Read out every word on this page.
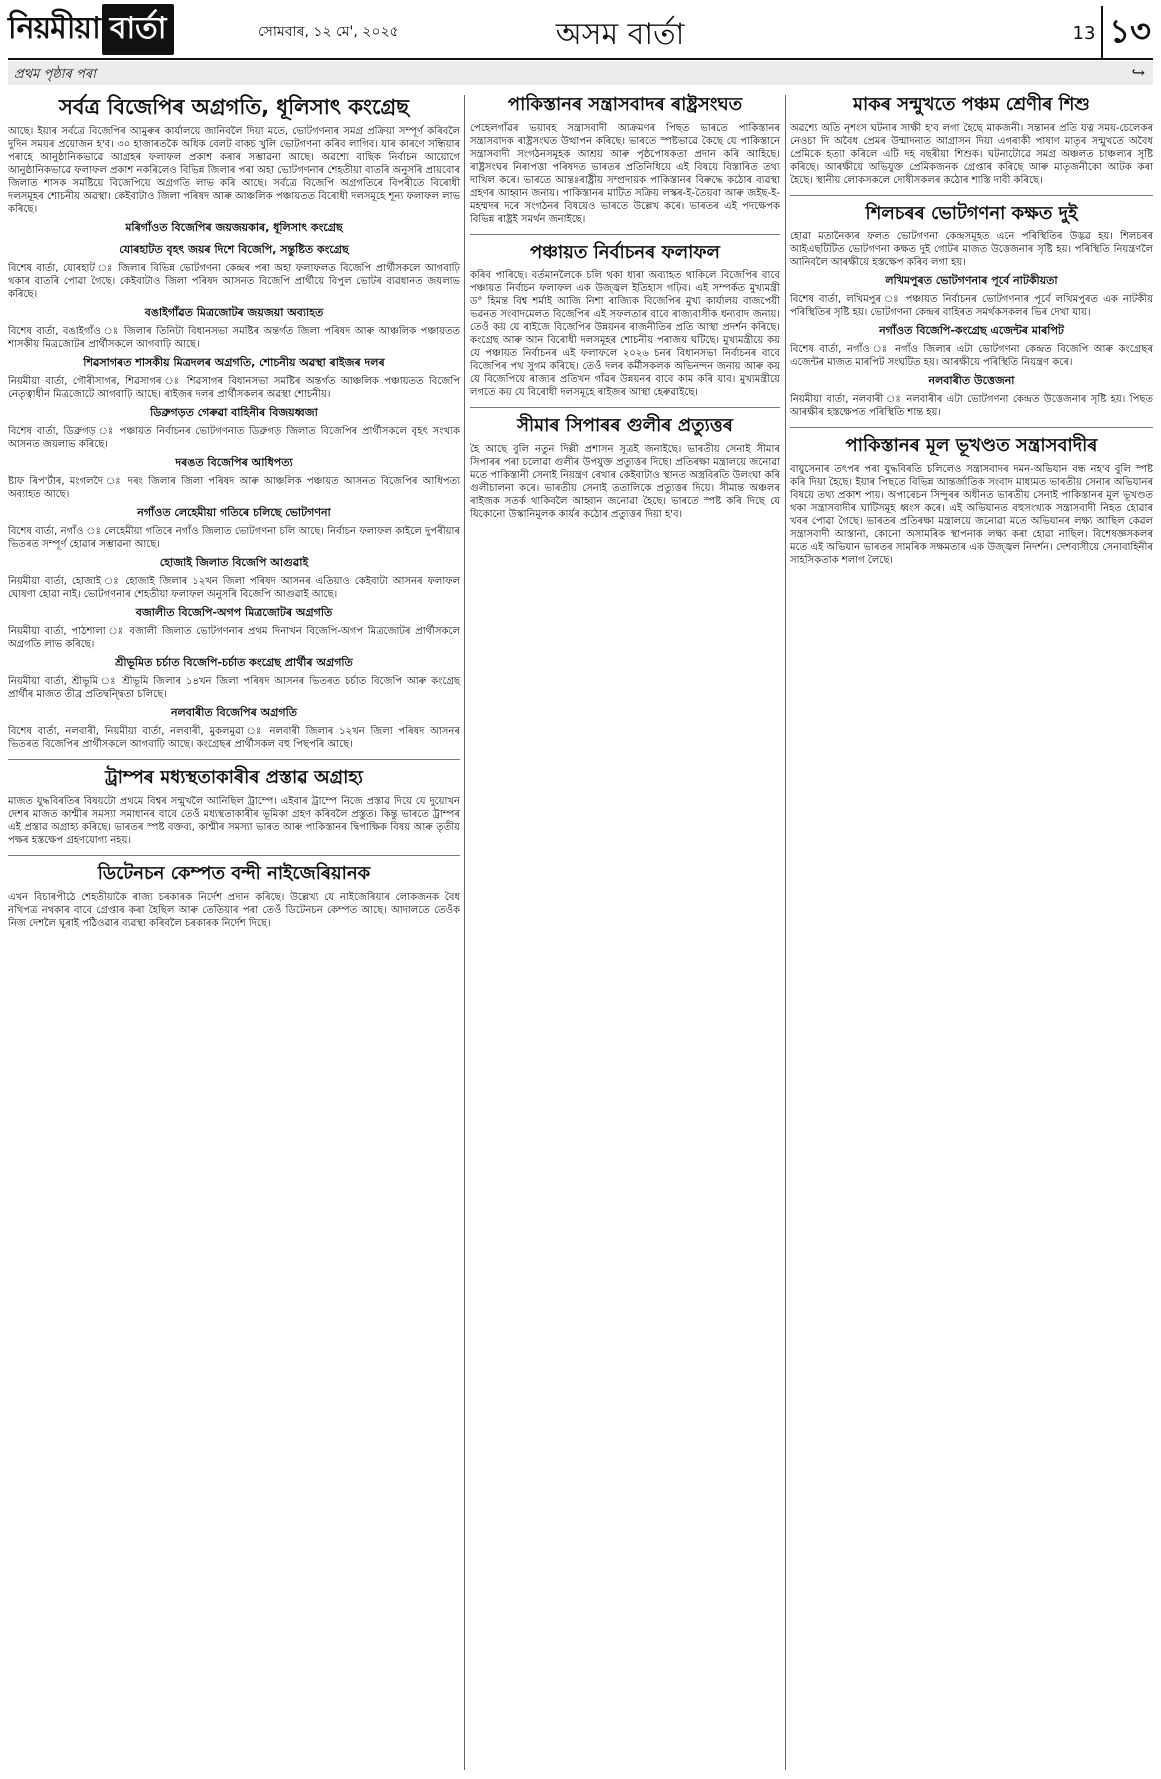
নিয়মীয়া বাৰ্তা	সোমবাৰ, ১২ মে', ২০২৫	অসম বাৰ্তা	13 ১৩
প্ৰথম পৃষ্ঠাৰ পৰা	↪
সৰ্বত্ৰ বিজেপিৰ অগ্ৰগতি, ধূলিসাৎ কংগ্ৰেছ

আছে। ইয়াৰ সৰ্বত্ৰে বিজেপিৰ আমুৰুৰ কাৰ্যালয়ে জানিবলৈ দিয়া মতে, ভোটগণনাৰ সমগ্ৰ প্ৰক্ৰিয়া সম্পূৰ্ণ কৰিবলৈ দুদিন সময়ৰ প্ৰয়োজন হ'ব। ৩০ হাজাৰতকৈ অধিক বেলট বাকচ খুলি ভোটগণনা কৰিব লাগিব। যাৰ কাৰণে সন্ধিয়াৰ পৰাহে আনুষ্ঠানিকভাৱে আগ্ৰহৰ ফলাফল প্ৰকাশ কৰাৰ সম্ভাৱনা আছে। অৱশ্যে বাছিক নিৰ্বাচন আয়োগে আনুষ্ঠানিকভাৱে ফলাফল প্ৰকাশ নকৰিলেও বিভিন্ন জিলাৰ পৰা অহা ভোটগণনাৰ শেহতীয়া বাতৰি অনুসৰি প্ৰায়বোৰ জিলাত শাসক সমষ্টিয়ে বিজেপিয়ে অগ্ৰগতি লাভ কৰি আছে। সৰ্বত্ৰে বিজেপি অগ্ৰগতিৰে বিপৰীতে বিৰোধী দলসমূহৰ শোচনীয় অৱস্থা। কেইবাটাও জিলা পৰিষদ আৰু আঞ্চলিক পঞ্চায়তত বিৰোধী দলসমূহে শূন্য ফলাফল লাভ কৰিছে।

মৰিগাঁওত বিজেপিৰ জয়জয়কাৰ, ধূলিসাৎ কংগ্ৰেছ
যোৰহাটত বৃহৎ জয়ৰ দিশে বিজেপি, সন্তুষ্টিত কংগ্ৰেছ

বিশেষ বাৰ্তা, যোৰহাট ঃ জিলাৰ বিভিন্ন ভোটগণনা কেন্দ্ৰৰ পৰা অহা ফলাফলত বিজেপি প্ৰাৰ্থীসকলে আগবাঢ়ি থকাৰ বাতৰি পোৱা গৈছে। কেইবাটাও জিলা পৰিষদ আসনত বিজেপি প্ৰাৰ্থীয়ে বিপুল ভোটৰ ব্যৱধানত জয়লাভ কৰিছে।

বঙাইগাঁৱত মিত্ৰজোটৰ জয়জয়া অব্যাহত

বিশেষ বাৰ্তা, বঙাইগাঁও ঃ জিলাৰ তিনিটা বিধানসভা সমষ্টিৰ অন্তৰ্গত জিলা পৰিষদ আৰু আঞ্চলিক পঞ্চায়তত শাসকীয় মিত্ৰজোটৰ প্ৰাৰ্থীসকলে আগবাঢ়ি আছে।

শিৱসাগৰত শাসকীয় মিত্ৰদলৰ অগ্ৰগতি, শোচনীয় অৱস্থা ৰাইজৰ দলৰ

নিয়মীয়া বাৰ্তা, গৌৰীসাগৰ, শিৱসাগৰ ঃ শিৱসাগৰ বিধানসভা সমষ্টিৰ অন্তৰ্গত আঞ্চলিক পঞ্চায়তত বিজেপি নেতৃত্বাধীন মিত্ৰজোটে আগবাঢ়ি আছে। ৰাইজৰ দলৰ প্ৰাৰ্থীসকলৰ অৱস্থা শোচনীয়।

ডিব্ৰুগড়ত গেৰুৱা বাহিনীৰ বিজয়ধ্বজা

বিশেষ বাৰ্তা, ডিব্ৰুগড় ঃ পঞ্চায়ত নিৰ্বাচনৰ ভোটগণনাত ডিব্ৰুগড় জিলাত বিজেপিৰ প্ৰাৰ্থীসকলে বৃহৎ সংখ্যক আসনত জয়লাভ কৰিছে।

দৰঙত বিজেপিৰ আধিপত্য

ষ্টাফ ৰিপ'ৰ্টাৰ, মংগলদৈ ঃ দৰং জিলাৰ জিলা পৰিষদ আৰু আঞ্চলিক পঞ্চায়ত আসনত বিজেপিৰ আধিপত্য অব্যাহত আছে।

নগাঁওত লেহেমীয়া গতিৰে চলিছে ভোটগণনা

বিশেষ বাৰ্তা, নগাঁও ঃ লেহেমীয়া গতিৰে নগাঁও জিলাত ভোটগণনা চলি আছে। নিৰ্বাচন ফলাফল কাইলে দুপৰীয়াৰ ভিতৰত সম্পূৰ্ণ হোৱাৰ সম্ভাৱনা আছে।

হোজাই জিলাত বিজেপি আগুৱাই

নিয়মীয়া বাৰ্তা, হোজাই ঃ হোজাই জিলাৰ ১২খন জিলা পৰিষদ আসনৰ এতিয়াও কেইবাটা আসনৰ ফলাফল ঘোষণা হোৱা নাই। ভোটগণনাৰ শেহতীয়া ফলাফল অনুসৰি বিজেপি আগুৱাই আছে।

বজালীত বিজেপি-অগপ মিত্ৰজোটৰ অগ্ৰগতি

নিয়মীয়া বাৰ্তা, পাঠশালা ঃ বজালী জিলাত ভোটগণনাৰ প্ৰথম দিনাখন বিজেপি-অগপ মিত্ৰজোটৰ প্ৰাৰ্থীসকলে অগ্ৰগতি লাভ কৰিছে।

শ্ৰীভূমিত চৰ্চাত বিজেপি-চৰ্চাত কংগ্ৰেছ প্ৰাৰ্থীৰ অগ্ৰগতি

নিয়মীয়া বাৰ্তা, শ্ৰীভূমি ঃ শ্ৰীভূমি জিলাৰ ১৪খন জিলা পৰিষদ আসনৰ ভিতৰত চৰ্চাত বিজেপি আৰু কংগ্ৰেছ প্ৰাৰ্থীৰ মাজত তীব্ৰ প্ৰতিদ্বন্দ্বিতা চলিছে।

নলবাৰীত বিজেপিৰ অগ্ৰগতি

বিশেষ বাৰ্তা, নলবাৰী, নিয়মীয়া বাৰ্তা, নলবাৰী, মুকলমুৱা ঃ নলবাৰী জিলাৰ ১২খন জিলা পৰিষদ আসনৰ ভিতৰত বিজেপিৰ প্ৰাৰ্থীসকলে আগবাঢ়ি আছে। কংগ্ৰেছৰ প্ৰাৰ্থীসকল বহু পিছপৰি আছে।

ট্ৰাম্পৰ মধ্যস্থতাকাৰীৰ প্ৰস্তাৱ অগ্ৰাহ্য

মাজত যুদ্ধবিৰতিৰ বিষয়টো প্ৰথমে বিশ্বৰ সন্মুখলৈ আনিছিল ট্ৰাম্পে। এইবাৰ ট্ৰাম্পে নিজে প্ৰস্তাৱ দিয়ে যে দুয়োখন দেশৰ মাজত কাশ্মীৰ সমস্যা সমাধানৰ বাবে তেওঁ মধ্যস্থতাকাৰীৰ ভূমিকা গ্ৰহণ কৰিবলৈ প্ৰস্তুত। কিন্তু ভাৰতে ট্ৰাম্পৰ এই প্ৰস্তাৱ অগ্ৰাহ্য কৰিছে। ভাৰতৰ স্পষ্ট বক্তব্য, কাশ্মীৰ সমস্যা ভাৰত আৰু পাকিস্তানৰ দ্বিপাক্ষিক বিষয় আৰু তৃতীয় পক্ষৰ হস্তক্ষেপ গ্ৰহণযোগ্য নহয়।

ডিটেনচন কেম্পত বন্দী নাইজেৰিয়ানক

এখন বিচাৰপীঠে শেহতীয়াকৈ ৰাজ্য চৰকাৰক নিৰ্দেশ প্ৰদান কৰিছে। উল্লেখ্য যে নাইজেৰিয়াৰ লোকজনক বৈধ নথিপত্ৰ নথকাৰ বাবে গ্ৰেপ্তাৰ কৰা হৈছিল আৰু তেতিয়াৰ পৰা তেওঁ ডিটেনচন কেম্পত আছে। আদালতে তেওঁক নিজ দেশলৈ ঘূৰাই পঠিওৱাৰ ব্যৱস্থা কৰিবলৈ চৰকাৰক নিৰ্দেশ দিছে।

পাকিস্তানৰ সন্ত্ৰাসবাদৰ ৰাষ্ট্ৰসংঘত

পেহেলগাঁৱৰ ভয়াবহ সন্ত্ৰাসবাদী আক্ৰমণৰ পিছত ভাৰতে পাকিস্তানৰ সন্ত্ৰাসবাদক ৰাষ্ট্ৰসংঘত উত্থাপন কৰিছে। ভাৰতে স্পষ্টভাৱে কৈছে যে পাকিস্তানে সন্ত্ৰাসবাদী সংগঠনসমূহক আশ্ৰয় আৰু পৃষ্ঠপোষকতা প্ৰদান কৰি আহিছে। ৰাষ্ট্ৰসংঘৰ নিৰাপত্তা পৰিষদত ভাৰতৰ প্ৰতিনিধিয়ে এই বিষয়ে বিস্তাৰিত তথ্য দাখিল কৰে। ভাৰতে আন্তঃৰাষ্ট্ৰীয় সম্প্ৰদায়ক পাকিস্তানৰ বিৰুদ্ধে কঠোৰ ব্যৱস্থা গ্ৰহণৰ আহ্বান জনায়। পাকিস্তানৰ মাটিত সক্ৰিয় লস্কৰ-ই-তৈয়বা আৰু জইছ-ই-মহম্মদৰ দৰে সংগঠনৰ বিষয়েও ভাৰতে উল্লেখ কৰে। ভাৰতৰ এই পদক্ষেপক বিভিন্ন ৰাষ্ট্ৰই সমৰ্থন জনাইছে।

পঞ্চায়ত নিৰ্বাচনৰ ফলাফল

কৰিব পাৰিছে। বৰ্তমানলৈকে চলি থকা ধাৰা অব্যাহত থাকিলে বিজেপিৰ বাবে পঞ্চায়ত নিৰ্বাচন ফলাফল এক উজ্জ্বল ইতিহাস গঢ়িব। এই সম্পৰ্কত মুখ্যমন্ত্ৰী ড° হিমন্ত বিশ্ব শৰ্মাই আজি নিশা ৰাজ্যিক বিজেপিৰ মুখ্য কাৰ্যালয় বাজপেয়ী ভৱনত সংবাদমেলত বিজেপিৰ এই সফলতাৰ বাবে ৰাজ্যবাসীক ধন্যবাদ জনায়। তেওঁ কয় যে ৰাইজে বিজেপিৰ উন্নয়নৰ ৰাজনীতিৰ প্ৰতি আস্থা প্ৰদৰ্শন কৰিছে। কংগ্ৰেছ আৰু আন বিৰোধী দলসমূহৰ শোচনীয় পৰাজয় ঘটিছে। মুখ্যমন্ত্ৰীয়ে কয় যে পঞ্চায়ত নিৰ্বাচনৰ এই ফলাফলে ২০২৬ চনৰ বিধানসভা নিৰ্বাচনৰ বাবে বিজেপিৰ পথ সুগম কৰিছে। তেওঁ দলৰ কৰ্মীসকলক অভিনন্দন জনায় আৰু কয় যে বিজেপিয়ে ৰাজ্যৰ প্ৰতিখন গাঁৱৰ উন্নয়নৰ বাবে কাম কৰি যাব। মুখ্যমন্ত্ৰীয়ে লগতে কয় যে বিৰোধী দলসমূহে ৰাইজৰ আস্থা হেৰুৱাইছে।

সীমাৰ সিপাৰৰ গুলীৰ প্ৰত্যুত্তৰ

হৈ আছে বুলি নতুন দিল্লী প্ৰশাসন সূত্ৰই জনাইছে। ভাৰতীয় সেনাই সীমাৰ সিপাৰৰ পৰা চলোৱা গুলীৰ উপযুক্ত প্ৰত্যুত্তৰ দিছে। প্ৰতিৰক্ষা মন্ত্ৰালয়ে জনোৱা মতে পাকিস্তানী সেনাই নিয়ন্ত্ৰণ ৰেখাৰ কেইবাটাও স্থানত অস্ত্ৰবিৰতি উলংঘা কৰি গুলীচালনা কৰে। ভাৰতীয় সেনাই ততালিকে প্ৰত্যুত্তৰ দিয়ে। সীমান্ত অঞ্চলৰ ৰাইজক সতৰ্ক থাকিবলৈ আহ্বান জনোৱা হৈছে। ভাৰতে স্পষ্ট কৰি দিছে যে যিকোনো উস্কানিমূলক কাৰ্যৰ কঠোৰ প্ৰত্যুত্তৰ দিয়া হ'ব।

মাকৰ সন্মুখতে পঞ্চম শ্ৰেণীৰ শিশু

অৱশ্যে অতি নৃশংস ঘটনাৰ সাক্ষী হ'ব লগা হৈছে মাকজনী। সন্তানৰ প্ৰতি যত্ন সময়-চেলেকৰ নেওচা দি অবৈধ প্ৰেমৰ উন্মাদনাত আগ্ৰাসন দিয়া এগৰাকী পাষাণ মাতৃৰ সন্মুখতে অবৈধ প্ৰেমিকে হত্যা কৰিলে এটি দহ বছৰীয়া শিশুক। ঘটনাটোৱে সমগ্ৰ অঞ্চলত চাঞ্চল্যৰ সৃষ্টি কৰিছে। আৰক্ষীয়ে অভিযুক্ত প্ৰেমিকজনক গ্ৰেপ্তাৰ কৰিছে আৰু মাতৃজনীকো আটক কৰা হৈছে। স্থানীয় লোকসকলে দোষীসকলৰ কঠোৰ শাস্তি দাবী কৰিছে।

শিলচৰৰ ভোটগণনা কক্ষত দুই

হোৱা মতানৈক্যৰ ফলত ভোটগণনা কেন্দ্ৰসমূহত এনে পৰিস্থিতিৰ উদ্ভৱ হয়। শিলচৰৰ আইএছটিটিত ভোটগণনা কক্ষত দুই গোটৰ মাজত উত্তেজনাৰ সৃষ্টি হয়। পৰিস্থিতি নিয়ন্ত্ৰণলৈ আনিবলৈ আৰক্ষীয়ে হস্তক্ষেপ কৰিব লগা হয়।

লখিমপুৰত ভোটগণনাৰ পূৰ্বে নাটকীয়তা

বিশেষ বাৰ্তা, লখিমপুৰ ঃ পঞ্চায়ত নিৰ্বাচনৰ ভোটগণনাৰ পূৰ্বে লখিমপুৰত এক নাটকীয় পৰিস্থিতিৰ সৃষ্টি হয়। ভোটগণনা কেন্দ্ৰৰ বাহিৰত সমৰ্থকসকলৰ ভিৰ দেখা যায়।

নগাঁওত বিজেপি-কংগ্ৰেছ এজেন্টৰ মাৰপিট

বিশেষ বাৰ্তা, নগাঁও ঃ নগাঁও জিলাৰ এটা ভোটগণনা কেন্দ্ৰত বিজেপি আৰু কংগ্ৰেছৰ এজেন্টৰ মাজত মাৰপিট সংঘটিত হয়। আৰক্ষীয়ে পৰিস্থিতি নিয়ন্ত্ৰণ কৰে।

নলবাৰীত উত্তেজনা

নিয়মীয়া বাৰ্তা, নলবাৰী ঃ নলবাৰীৰ এটা ভোটগণনা কেন্দ্ৰত উত্তেজনাৰ সৃষ্টি হয়। পিছত আৰক্ষীৰ হস্তক্ষেপত পৰিস্থিতি শান্ত হয়।

পাকিস্তানৰ মূল ভূখণ্ডত সন্ত্ৰাসবাদীৰ

বায়ুসেনাৰ তৎপৰ পৰা যুদ্ধবিৰতি চলিলেও সন্ত্ৰাসবাদৰ দমন-অভিযান বন্ধ নহ'ব বুলি স্পষ্ট কৰি দিয়া হৈছে। ইয়াৰ পিছতে বিভিন্ন আন্তৰ্জাতিক সংবাদ মাধ্যমত ভাৰতীয় সেনাৰ অভিযানৰ বিষয়ে তথ্য প্ৰকাশ পায়। অপাৰেচন সিন্দুৰৰ অধীনত ভাৰতীয় সেনাই পাকিস্তানৰ মূল ভূখণ্ডত থকা সন্ত্ৰাসবাদীৰ ঘাটিসমূহ ধ্বংস কৰে। এই অভিযানত বহুসংখ্যক সন্ত্ৰাসবাদী নিহত হোৱাৰ খবৰ পোৱা গৈছে। ভাৰতৰ প্ৰতিৰক্ষা মন্ত্ৰালয়ে জনোৱা মতে অভিযানৰ লক্ষ্য আছিল কেৱল সন্ত্ৰাসবাদী আস্তানা, কোনো অসামৰিক স্থাপনাক লক্ষ্য কৰা হোৱা নাছিল। বিশেষজ্ঞসকলৰ মতে এই অভিযান ভাৰতৰ সামৰিক সক্ষমতাৰ এক উজ্জ্বল নিদৰ্শন। দেশবাসীয়ে সেনাবাহিনীৰ সাহসিকতাক শলাগ লৈছে।
